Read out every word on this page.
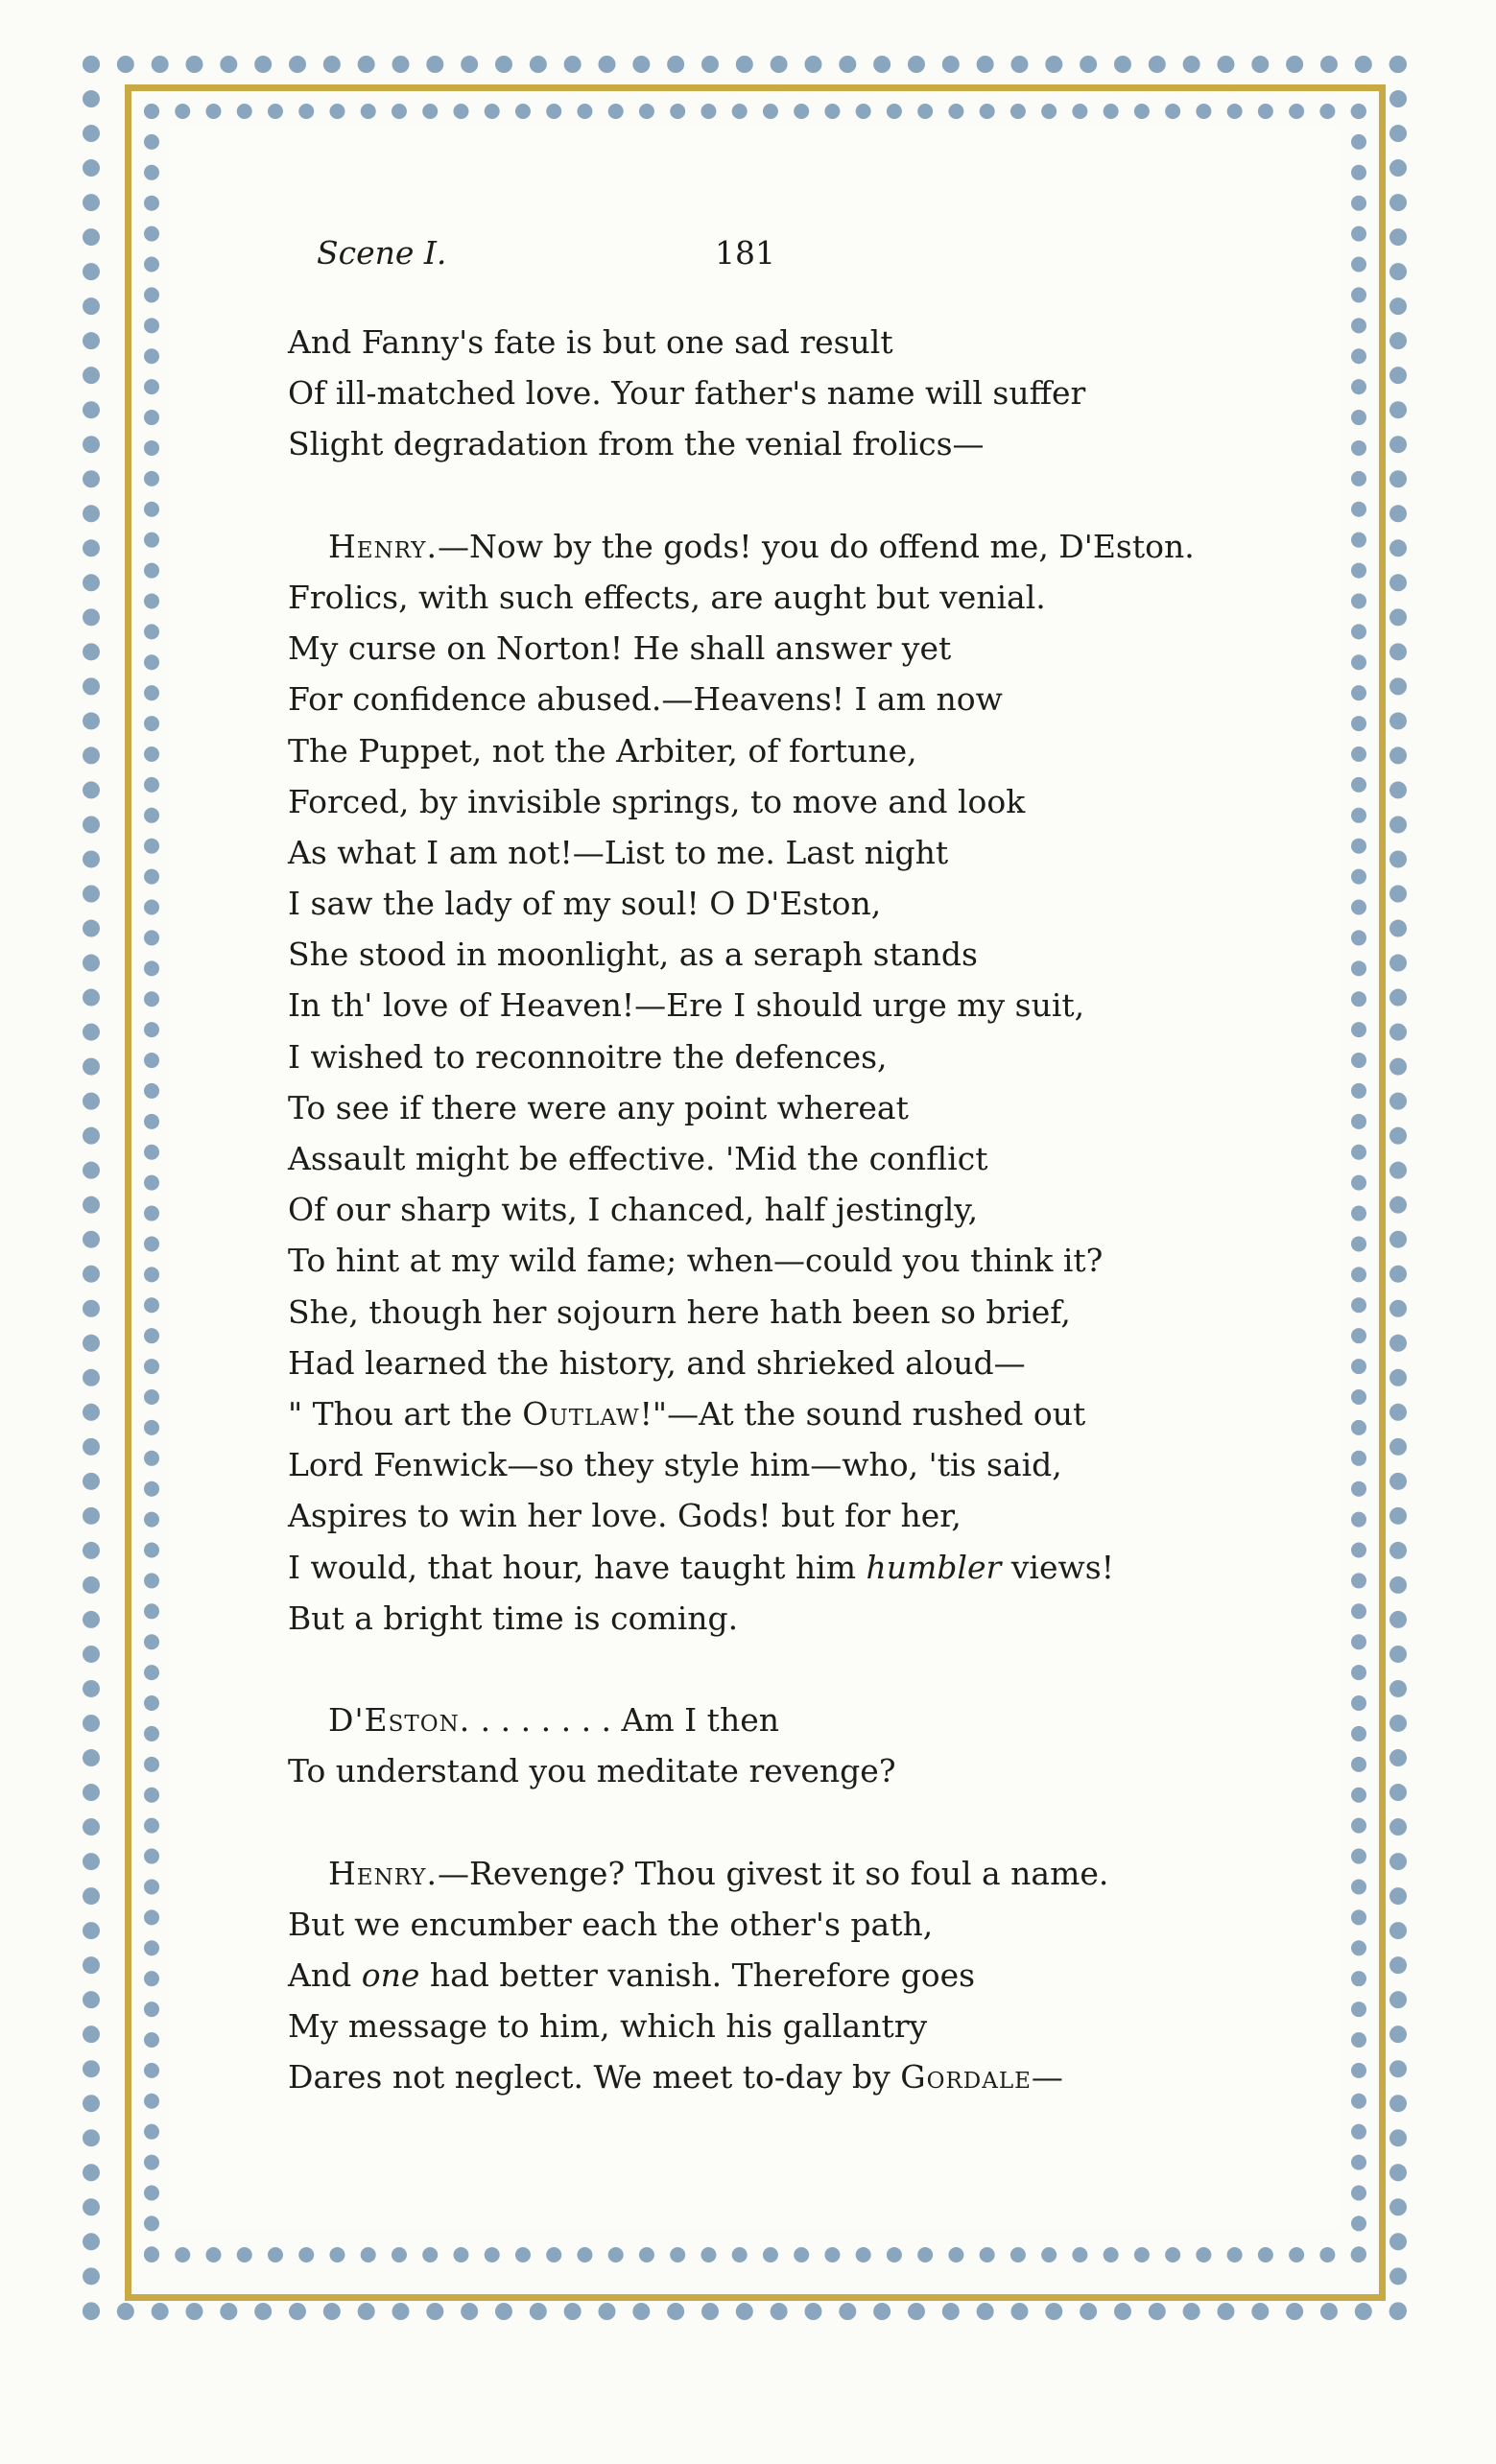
Scene I.	181
And Fanny's fate is but one sad result
Of ill-matched love. Your father's name will suffer
Slight degradation from the venial frolics—
Henry.—Now by the gods! you do offend me, D'Eston.
Frolics, with such effects, are aught but venial.
My curse on Norton! He shall answer yet
For confidence abused.—Heavens! I am now
The Puppet, not the Arbiter, of fortune,
Forced, by invisible springs, to move and look
As what I am not!—List to me. Last night
I saw the lady of my soul! O D'Eston,
She stood in moonlight, as a seraph stands
In th' love of Heaven!—Ere I should urge my suit,
I wished to reconnoitre the defences,
To see if there were any point whereat
Assault might be effective. 'Mid the conflict
Of our sharp wits, I chanced, half jestingly,
To hint at my wild fame; when—could you think it?
She, though her sojourn here hath been so brief,
Had learned the history, and shrieked aloud—
" Thou art the Outlaw!"—At the sound rushed out
Lord Fenwick—so they style him—who, 'tis said,
Aspires to win her love. Gods! but for her,
I would, that hour, have taught him humbler views!
But a bright time is coming.
D'Eston. . . . . . . . Am I then
To understand you meditate revenge?
Henry.—Revenge? Thou givest it so foul a name.
But we encumber each the other's path,
And one had better vanish. Therefore goes
My message to him, which his gallantry
Dares not neglect. We meet to-day by Gordale—
